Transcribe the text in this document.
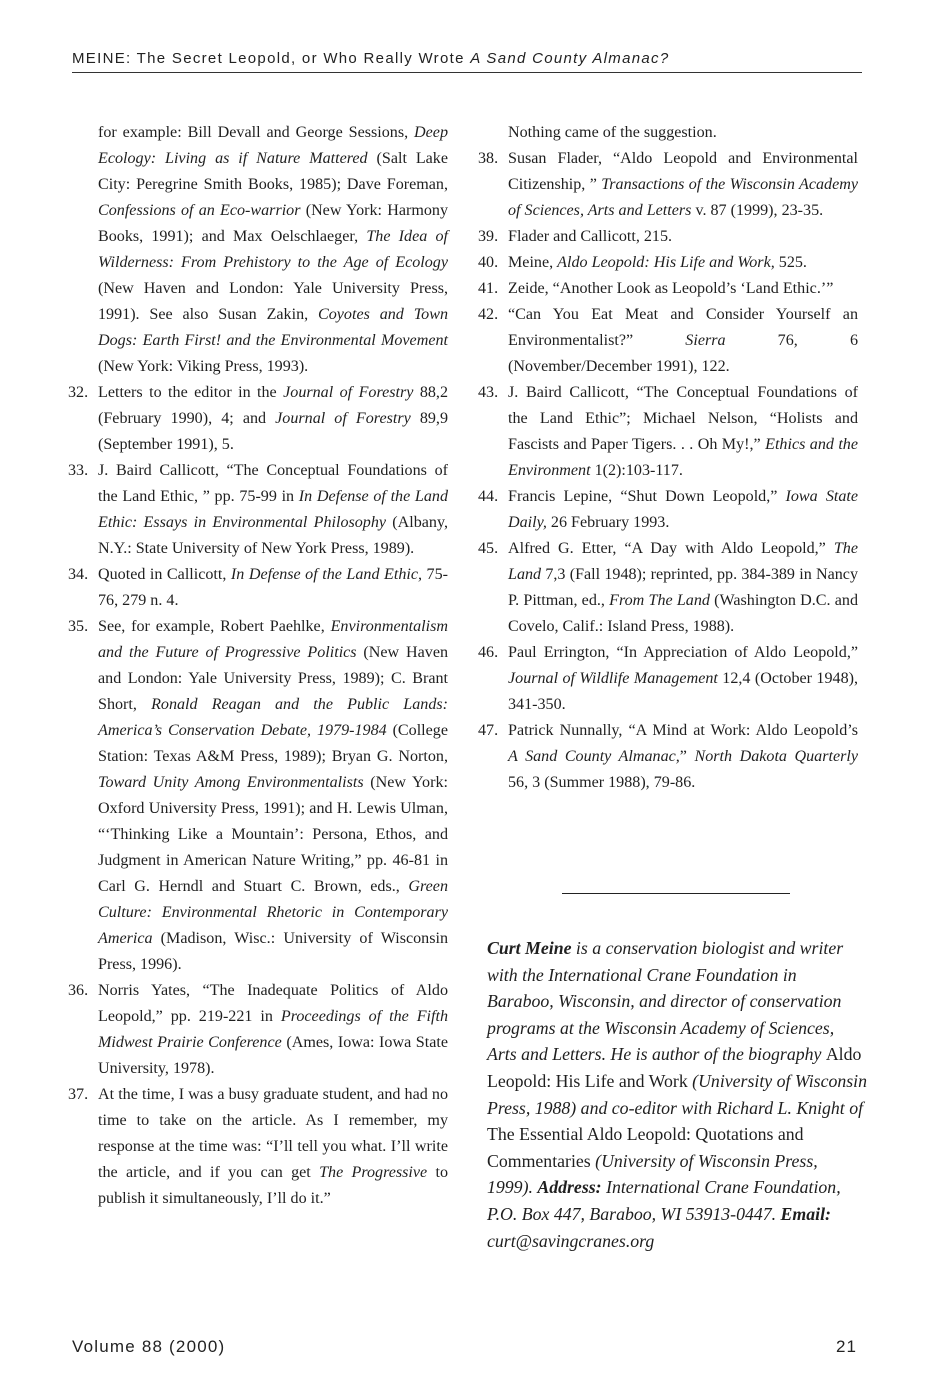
MEINE: The Secret Leopold, or Who Really Wrote A Sand County Almanac?
for example: Bill Devall and George Sessions, Deep Ecology: Living as if Nature Mattered (Salt Lake City: Peregrine Smith Books, 1985); Dave Foreman, Confessions of an Eco-warrior (New York: Harmony Books, 1991); and Max Oelschlaeger, The Idea of Wilderness: From Prehistory to the Age of Ecology (New Haven and London: Yale University Press, 1991). See also Susan Zakin, Coyotes and Town Dogs: Earth First! and the Environmental Movement (New York: Viking Press, 1993).
32. Letters to the editor in the Journal of Forestry 88,2 (February 1990), 4; and Journal of Forestry 89,9 (September 1991), 5.
33. J. Baird Callicott, “The Conceptual Foundations of the Land Ethic, ” pp. 75-99 in In Defense of the Land Ethic: Essays in Environmental Philosophy (Albany, N.Y.: State University of New York Press, 1989).
34. Quoted in Callicott, In Defense of the Land Ethic, 75-76, 279 n. 4.
35. See, for example, Robert Paehlke, Environmentalism and the Future of Progressive Politics (New Haven and London: Yale University Press, 1989); C. Brant Short, Ronald Reagan and the Public Lands: America’s Conservation Debate, 1979-1984 (College Station: Texas A&M Press, 1989); Bryan G. Norton, Toward Unity Among Environmentalists (New York: Oxford University Press, 1991); and H. Lewis Ulman, “‘Thinking Like a Mountain’: Persona, Ethos, and Judgment in American Nature Writing,” pp. 46-81 in Carl G. Herndl and Stuart C. Brown, eds., Green Culture: Environmental Rhetoric in Contemporary America (Madison, Wisc.: University of Wisconsin Press, 1996).
36. Norris Yates, “The Inadequate Politics of Aldo Leopold,” pp. 219-221 in Proceedings of the Fifth Midwest Prairie Conference (Ames, Iowa: Iowa State University, 1978).
37. At the time, I was a busy graduate student, and had no time to take on the article. As I remember, my response at the time was: “I’ll tell you what. I’ll write the article, and if you can get The Progressive to publish it simultaneously, I’ll do it.”
Nothing came of the suggestion.
38. Susan Flader, “Aldo Leopold and Environmental Citizenship, ” Transactions of the Wisconsin Academy of Sciences, Arts and Letters v. 87 (1999), 23-35.
39. Flader and Callicott, 215.
40. Meine, Aldo Leopold: His Life and Work, 525.
41. Zeide, “Another Look as Leopold’s ‘Land Ethic.’”
42. “Can You Eat Meat and Consider Yourself an Environmentalist?” Sierra 76, 6 (November/December 1991), 122.
43. J. Baird Callicott, “The Conceptual Foundations of the Land Ethic”; Michael Nelson, “Holists and Fascists and Paper Tigers. . . Oh My!,” Ethics and the Environment 1(2):103-117.
44. Francis Lepine, “Shut Down Leopold,” Iowa State Daily, 26 February 1993.
45. Alfred G. Etter, “A Day with Aldo Leopold,” The Land 7,3 (Fall 1948); reprinted, pp. 384-389 in Nancy P. Pittman, ed., From The Land (Washington D.C. and Covelo, Calif.: Island Press, 1988).
46. Paul Errington, “In Appreciation of Aldo Leopold,” Journal of Wildlife Management 12,4 (October 1948), 341-350.
47. Patrick Nunnally, “A Mind at Work: Aldo Leopold’s A Sand County Almanac,” North Dakota Quarterly 56, 3 (Summer 1988), 79-86.
Curt Meine is a conservation biologist and writer with the International Crane Foundation in Baraboo, Wisconsin, and director of conservation programs at the Wisconsin Academy of Sciences, Arts and Letters. He is author of the biography Aldo Leopold: His Life and Work (University of Wisconsin Press, 1988) and co-editor with Richard L. Knight of The Essential Aldo Leopold: Quotations and Commentaries (University of Wisconsin Press, 1999). Address: International Crane Foundation, P.O. Box 447, Baraboo, WI 53913-0447. Email: curt@savingcranes.org
Volume 88 (2000)	21
